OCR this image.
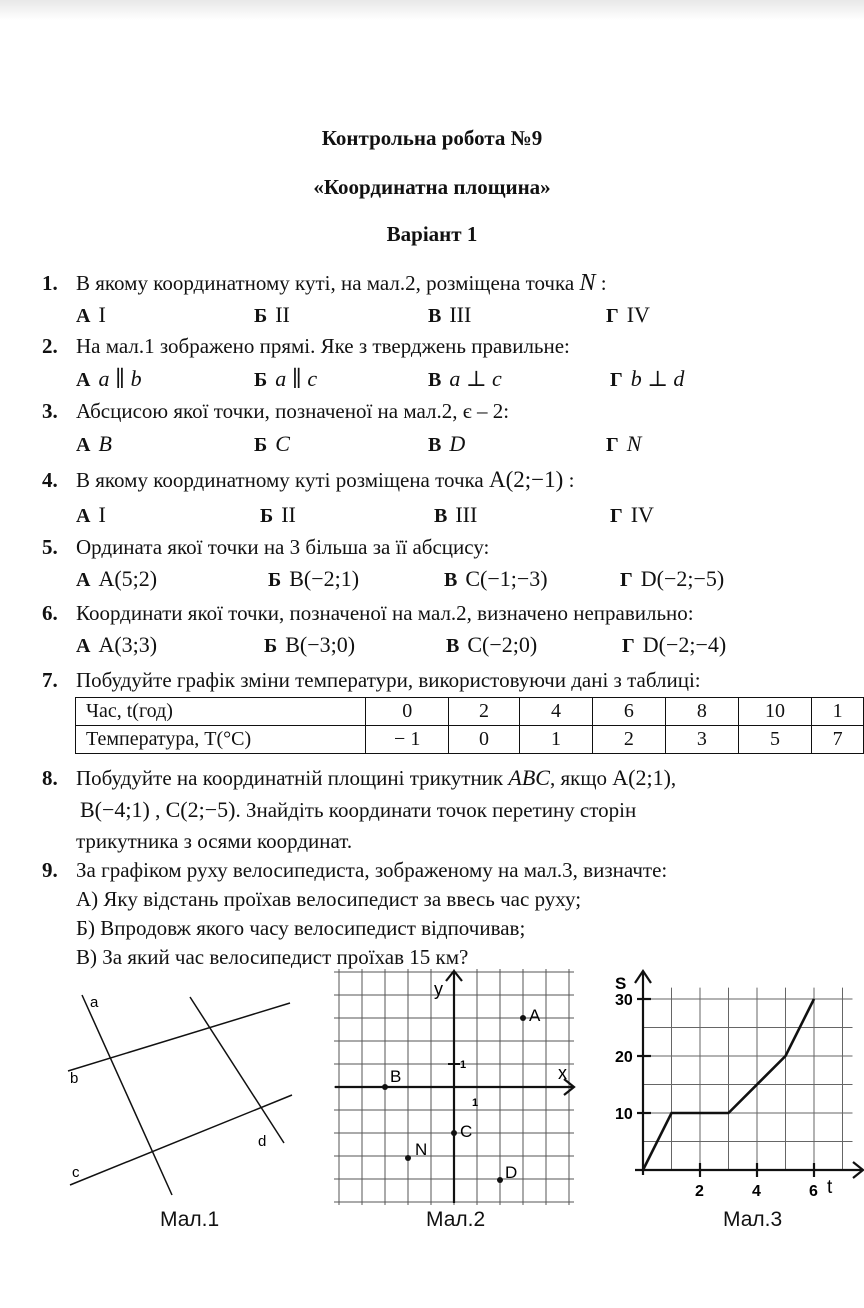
Контрольна робота №9
«Координатна площина»
Варіант 1
1. В якому координатному куті, на мал.2, розміщена точка N :
А I	Б II	В III	Г IV
2. На мал.1 зображено прямі. Яке з тверджень правильне:
А a ∥ b	Б a ∥ c	В a ⊥ c	Г b ⊥ d
3. Абсцисою якої точки, позначеної на мал.2, є – 2:
А B	Б C	В D	Г N
4. В якому координатному куті розміщена точка A(2;−1) :
А I	Б II	В III	Г IV
5. Ордината якої точки на 3 більша за її абсцису:
А A(5;2)	Б B(−2;1)	В C(−1;−3)	Г D(−2;−5)
6. Координати якої точки, позначеної на мал.2, визначено неправильно:
А A(3;3)	Б B(−3;0)	В C(−2;0)	Г D(−2;−4)
7. Побудуйте графік зміни температури, використовуючи дані з таблиці:
Час, t(год)	0	2	4	6	8	10	1
Температура, T(°C)	− 1	0	1	2	3	5	7
8. Побудуйте на координатній площині трикутник ABC, якщо A(2;1),
B(−4;1) , C(2;−5). Знайдіть координати точок перетину сторін
трикутника з осями координат.
9. За графіком руху велосипедиста, зображеному на мал.3, визначте:
А) Яку відстань проїхав велосипедист за ввесь час руху;
Б) Впродовж якого часу велосипедист відпочивав;
В) За який час велосипедист проїхав 15 км?
a
b
c
d
Мал.1
y
x
1
1
A
B
C
N
D
Мал.2
S
t
10
20
30
2	4	6
Мал.3
